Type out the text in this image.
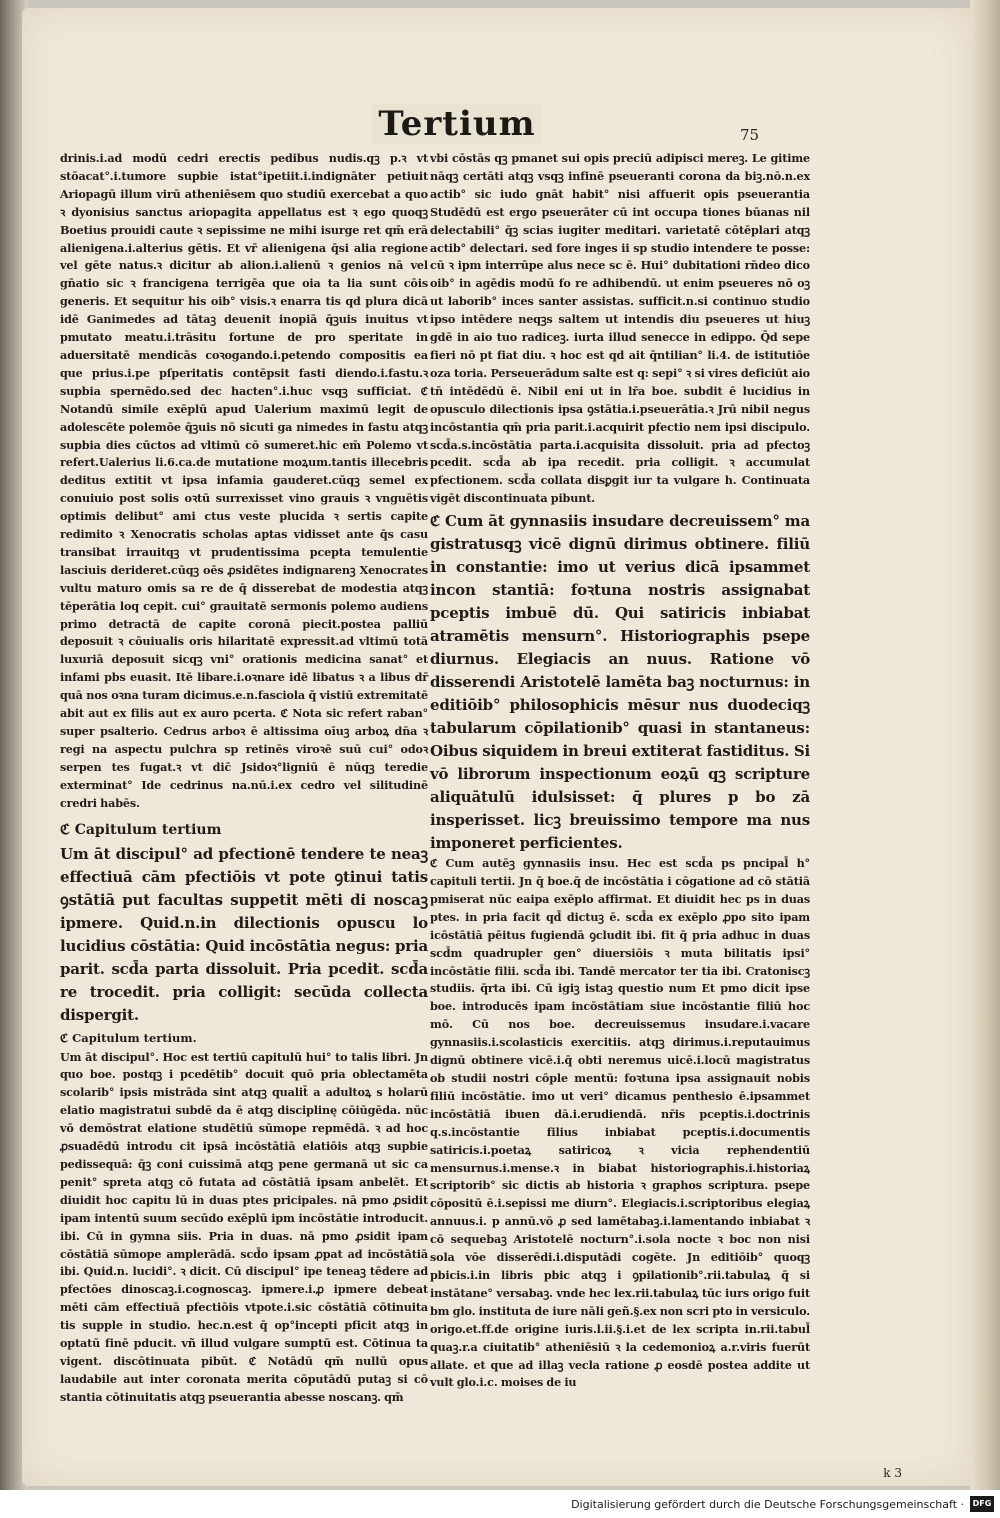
Tertium	75

drinis.i.ad modū cedri erectis pedibus nudis.qꝫ p.ꝛ vt stōacat°.i.tumore supbie istat°ipetiit.i.indignāter petiuit Ariopagū illum virū atheniēsem quo studiū exercebat a quo ꝛ dyonisius sanctus ariopagita appellatus est ꝛ ego quoqꝫ Boetius prouidi caute ꝛ sepissime ne mihi isurge ret qm̄ erā alienigena.i.alterius gētis. Et vr̄ alienigena q̄si alia regione vel gēte natus.ꝛ dicitur ab alion.i.alienū ꝛ genios nā vel gn̄atio sic ꝛ francigena terrigēa que oia ta lia sunt cōis generis. Et sequitur his oib° visis.ꝛ enarra tis qd plura dicā idē Ganimedes ad tātaꝫ deuenit inopiā q̄ꝫuis inuitus vt pmutato meatu.i.trāsitu fortune de pro speritate in aduersitatē mendicās coꝛogando.i.petendo compositis ea que prius.i.pe pſperitatis contēpsit fasti diendo.i.fastu.ꝛ supbia spernēdo.sed dec hacten°.i.huc vsqꝫ sufficiat. ℭ Notandū simile exēplū apud Ualerium maximū legit de adolescēte polemōe q̄ꝫuis nō sicuti ga nimedes in fastu atqꝫ supbia dies cūctos ad vltimū cō sumeret.hic em̄ Polemo vt refert.Ualerius li.6.ca.de mutatione moꝝum.tantis illecebris deditus extitit vt ipsa infamia gauderet.cūqꝫ semel ex conuiuio post solis oꝛtū surrexisset vino grauis ꝛ vnguētis optimis delibut° ami ctus veste plucida ꝛ sertis capite redimito ꝛ Xenocratis scholas aptas vidisset ante q̄s casu transibat irrauitqꝫ vt prudentissima pcepta temulentie lasciuis derideret.cūqꝫ oēs ꝓsidētes indignarenꝫ Xenocrates vultu maturo omis sa re de q̄ disserebat de modestia atqꝫ tēperātia loq cepit. cui° grauitatē sermonis polemo audiens primo detractā de capite coronā piecit.postea palliū deposuit ꝛ cōuiualis oris hilaritatē expressit.ad vltimū totā luxuriā deposuit sicqꝫ vni° orationis medicina sanat° et infami pbs euasit. Itē libare.i.oꝛnare idē libatus ꝛ a libus dr̄ quā nos oꝛna turam dicimus.e.n.fasciola q̄ vistiū extremitatē abit aut ex filis aut ex auro pcerta. ℭ Nota sic refert raban° super psalterio. Cedrus arboꝛ ē altissima oīuꝫ arboꝝ dn̄a ꝛ regi na aspectu pulchra sp retinēs viroꝛē suū cui° odoꝛ serpen tes fugat.ꝛ vt dic̄ Jsidoꝛ°ligniū ē nūqꝫ teredie exterminat° Ide cedrinus na.nū.i.ex cedro vel silitudinē credri habēs.

ℭ Capitulum tertium

Um āt discipul° ad pfectionē tendere te neaꝫ effectiuā cām pfectiōis vt pote ꝯtinui tatis ꝯstātiā put facultas suppetit mēti di noscaꝫ ipmere. Quid.n.in dilectionis opuscu lo lucidius cōstātia: Quid incōstātia negus: pria parit. scd̄a parta dissoluit. Pria pcedit. scd̄a re trocedit. pria colligit: secūda collecta dispergit.

ℭ Capitulum tertium.

Um āt discipul°. Hoc est tertiū capitulū hui° to talis libri. Jn quo boe. postqꝫ i pcedētib° docuit quō pria oblectamēta scolarib° ipsis mistrāda sint atqꝫ qualit̄ a adultoꝝ s holarū elatio magistratui subdē da ē atqꝫ disciplinę cōiūgēda. nūc vō demōstrat elatione studētiū sūmope repmēdā. ꝛ ad hoc ꝓsuadēdū introdu cit ipsā incōstātiā elatiōis atqꝫ supbie pedissequā: q̄ꝫ coni cuissimā atqꝫ pene germanā ut sic ca penit° spreta atqꝫ cō futata ad cōstātiā ipsam anbelēt. Et diuidit hoc capitu lū in duas ptes pricipales. nā pmo ꝓsidit ipam intentū suum secūdo exēplū ipm incōstātie introducit. ibi. Cū in gymna siis. Pria in duas. nā pmo ꝓsidit ipam cōstātiā sūmope amplerādā. scd̄o ipsam ꝓpat ad incōstātiā ibi. Quid.n. lucidi°. ꝛ dicit. Cū discipul° ipe teneaꝫ tēdere ad pfectōes dinoscaꝫ.i.cognoscaꝫ. ipmere.i.ꝓ ipmere debeat mēti cām effectiuā pfectiōis vtpote.i.sic cōstātiā cōtinuita tis supple in studio. hec.n.est q̄ op°incepti pficit atqꝫ in optatū finē pducit. vñ illud vulgare sumptū est. Cōtinua ta vigent. discōtinuata pibūt. ℭ Notādū qm̄ nullū opus laudabile aut inter coronata merita cōputādū putaꝫ si cō stantia cōtinuitatis atqꝫ pseuerantia abesse noscanꝫ. qm̄

vbi cōstās qꝫ pmanet sui opis preciū adipisci mereꝫ. Le gitime nāqꝫ certāti atqꝫ vsqꝫ infinē pseueranti corona da biꝫ.nō.n.ex actib° sic iudo gnāt habit° nisi affuerit opis pseuerantia Studēdū est ergo pseuerāter cū int occupa tiones būanas nil delectabili° q̄ꝫ scias iugiter meditari. varietatē cōtēplari atqꝫ actib° delectari. sed fore inges ii sp studio intendere te posse: cū ꝛ ipm interrūpe alus nece sc ē. Hui° dubitationi rn̄deo dico oib° in agēdis modū fo re adhibendū. ut enim pseueres nō oꝫ ut laborib° inces santer assistas. sufficit.n.si continuo studio ipso intēdere neqꝫs saltem ut intendis diu pseueres ut hiuꝫ gdē in aio tuo radiceꝫ. iurta illud senecce in edippo. Q̄d sepe fieri nō pt fiat diu. ꝛ hoc est qd ait q̄ntilian° li.4. de istitutiōe oza toria. Perseuerādum salte est q: sepi° ꝛ si vires deficiūt aio tn̄ intēdēdū ē. Nibil eni ut in lr̄a boe. subdit ē lucidius in opusculo dilectionis ipsa ꝯstātia.i.pseuerātia.ꝛ Jrū nibil negus incōstantia qm̄ pria parit.i.acquirit pfectio nem ipsi discipulo. scd̄a.s.incōstātia parta.i.acquisita dissoluit. pria ad pfectoꝫ pcedit. scd̄a ab ipa recedit. pria colligit. ꝛ accumulat pfectionem. scd̄a collata disꝑgit iur ta vulgare h. Continuata vigēt discontinuata pibunt.

ℭ Cum āt gynnasiis insudare decreuissem° ma gistratusqꝫ vicē dignū dirimus obtinere. filiū in constantie: imo ut verius dicā ipsammet incon stantiā: foꝛtuna nostris assignabat pceptis imbuē dū. Qui satiricis inbiabat atramētis mensurn°. Historiographis psepe diurnus. Elegiacis an nuus. Ratione vō disserendi Aristotelē lamēta baꝫ nocturnus: in editiōib° philosophicis mēsur nus duodeciqꝫ tabularum cōpilationib° quasi in stantaneus: Oibus siquidem in breui extiterat fastiditus. Si vō librorum inspectionum eoꝝū qꝫ scripture aliquātulū idulsisset: q̄ plures p bo zā insperisset. licꝫ breuissimo tempore ma nus imponeret perficientes.

ℭ Cum autēꝫ gynnasiis insu. Hec est scd̄a ps pncipal̄ h° capituli tertii. Jn q̄ boe.q̄ de incōstātia i cōgatione ad cō stātiā pmiserat nūc eaipa exēplo affirmat. Et diuidit hec ps in duas ptes. in pria facit qd̄ dictuꝫ ē. scd̄a ex exēplo ꝓpo sito ipam icōstātiā pēitus fugiendā ꝯcludit ibi. fit q̄ pria adhuc in duas scd̄m quadrupler gen° diuersiōis ꝛ muta bilitatis ipsi° incōstātie filii. scd̄a ibi. Tandē mercator ter tia ibi. Cratoniscꝫ studiis. q̄rta ibi. Cū igiꝫ istaꝫ questio num Et pmo dicit ipse boe. introducēs ipam incōstātiam siue incōstantie filiū hoc mō. Cū nos boe. decreuissemus insudare.i.vacare gynnasiis.i.scolasticis exercitiis. atqꝫ dirimus.i.reputauimus dignū obtinere vicē.i.q̄ obti neremus uicē.i.locū magistratus ob studii nostri cōple mentū: foꝛtuna ipsa assignauit nobis filiū incōstātie. imo ut veri° dicamus penthesio ē.ipsammet incōstātiā ibuen dā.i.erudiendā. nr̄is pceptis.i.doctrinis q.s.incōstantie filius inbiabat pceptis.i.documentis satiricis.i.poetaꝝ satiricoꝝ ꝛ vicia rephendentiū mensurnus.i.mense.ꝛ in biabat historiographis.i.historiaꝝ scriptorib° sic dictis ab historia ꝛ graphos scriptura. psepe cōpositū ē.i.sepissi me diurn°. Elegiacis.i.scriptoribus elegiaꝝ annuus.i. p annū.vō ꝓ sed lamētabaꝫ.i.lamentando inbiabat ꝛ cō sequebaꝫ Aristotelē nocturn°.i.sola nocte ꝛ boc non nisi sola vōe disserēdi.i.disputādi cogēte. Jn editiōib° quoqꝫ pbicis.i.in libris pbic atqꝫ i ꝯpilationib°.rii.tabulaꝝ q̄ si instātane° versabaꝫ. vnde hec lex.rii.tabulaꝝ tūc iurs origo fuit bm glo. instituta de iure nāli geñ.§.ex non scri pto in versiculo. origo.et.ff.de origine iuris.l.ii.§.i.et de lex scripta in.rii.tabul̄ quaꝫ.r.a ciuitatib° atheniēsiū ꝛ la cedemonioꝝ a.r.viris fuerūt allate. et que ad illaꝫ vecla ratione ꝓ eosdē postea addite ut vult glo.i.c. moises de iu

k 3
Digitalisierung gefördert durch die Deutsche Forschungsgemeinschaft ·	DFG
